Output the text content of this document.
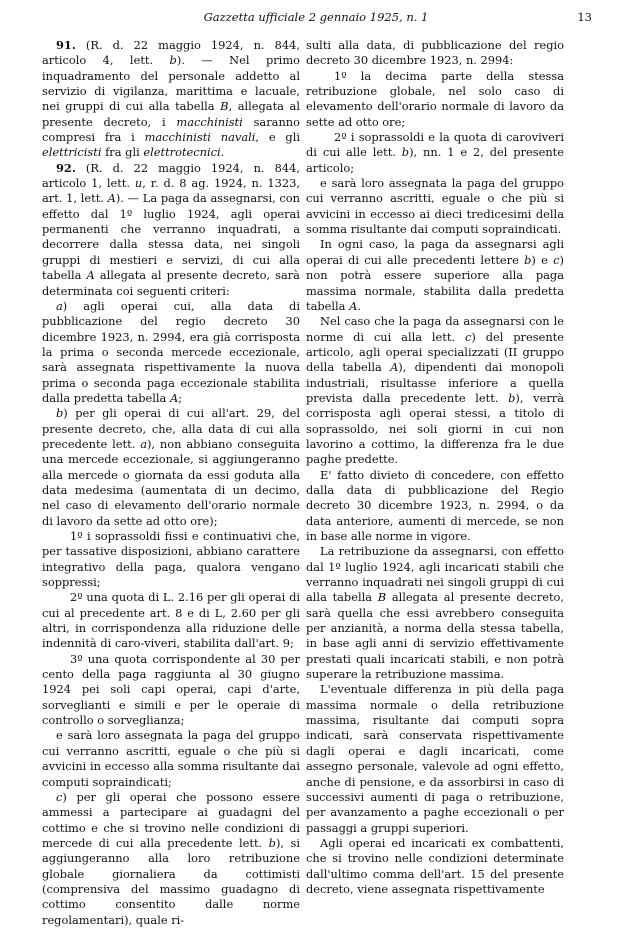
Gazzetta ufficiale 2 gennaio 1925, n. 1	13

91. (R. d. 22 maggio 1924, n. 844, articolo 4, lett. b). — Nel primo inquadramento del personale addetto al servizio di vigilanza, marittima e lacuale, nei gruppi di cui alla tabella B, allegata al presente decreto, i macchinisti saranno compresi fra i macchinisti navali, e gli elettricisti fra gli elettrotecnici.

92. (R. d. 22 maggio 1924, n. 844, articolo 1, lett. u, r. d. 8 ag. 1924, n. 1323, art. 1, lett. A). — La paga da assegnarsi, con effetto dal 1º luglio 1924, agli operai permanenti che verranno inquadrati, a decorrere dalla stessa data, nei singoli gruppi di mestieri e servizi, di cui alla tabella A allegata al presente decreto, sarà determinata coi seguenti criteri:

a) agli operai cui, alla data di pubblicazione del regio decreto 30 dicembre 1923, n. 2994, era già corrisposta la prima o seconda mercede eccezionale, sarà assegnata rispettivamente la nuova prima o seconda paga eccezionale stabilita dalla predetta tabella A;

b) per gli operai di cui all'art. 29, del presente decreto, che, alla data di cui alla precedente lett. a), non abbiano conseguita una mercede eccezionale, si aggiungeranno alla mercede o giornata da essi goduta alla data medesima (aumentata di un decimo, nel caso di elevamento dell'orario normale di lavoro da sette ad otto ore);

1º i soprassoldi fissi e continuativi che, per tassative disposizioni, abbiano carattere integrativo della paga, qualora vengano soppressi;

2º una quota di L. 2.16 per gli operai di cui al precedente art. 8 e di L, 2.60 per gli altri, in corrispondenza alla riduzione delle indennità di caro-viveri, stabilita dall'art. 9;

3º una quota corrispondente al 30 per cento della paga raggiunta al 30 giugno 1924 pei soli capi operai, capi d'arte, sorveglianti e simili e per le operaie di controllo o sorveglianza;

e sarà loro assegnata la paga del gruppo cui verranno ascritti, eguale o che più si avvicini in eccesso alla somma risultante dai computi sopraindicati;

c) per gli operai che possono essere ammessi a partecipare ai guadagni del cottimo e che si trovino nelle condizioni di mercede di cui alla precedente lett. b), si aggiungeranno alla loro retribuzione globale giornaliera da cottimisti (comprensiva del massimo guadagno di cottimo consentito dalle norme regolamentari), quale ri-

sulti alla data, di pubblicazione del regio decreto 30 dicembre 1923, n. 2994:

1º la decima parte della stessa retribuzione globale, nel solo caso di elevamento dell'orario normale di lavoro da sette ad otto ore;

2º i soprassoldi e la quota di caroviveri di cui alle lett. b), nn. 1 e 2, del presente articolo;

e sarà loro assegnata la paga del gruppo cui verranno ascritti, eguale o che più si avvicini in eccesso ai dieci tredicesimi della somma risultante dai computi sopraindicati.

In ogni caso, la paga da assegnarsi agli operai di cui alle precedenti lettere b) e c) non potrà essere superiore alla paga massima normale, stabilita dalla predetta tabella A.

Nel caso che la paga da assegnarsi con le norme di cui alla lett. c) del presente articolo, agli operai specializzati (II gruppo della tabella A), dipendenti dai monopoli industriali, risultasse inferiore a quella prevista dalla precedente lett. b), verrà corrisposta agli operai stessi, a titolo di soprassoldo, nei soli giorni in cui non lavorino a cottimo, la differenza fra le due paghe predette.

E' fatto divieto di concedere, con effetto dalla data di pubblicazione del Regio decreto 30 dicembre 1923, n. 2994, o da data anteriore, aumenti di mercede, se non in base alle norme in vigore.

La retribuzione da assegnarsi, con effetto dal 1º luglio 1924, agli incaricati stabili che verranno inquadrati nei singoli gruppi di cui alla tabella B allegata al presente decreto, sarà quella che essi avrebbero conseguita per anzianità, a norma della stessa tabella, in base agli anni di servizio effettivamente prestati quali incaricati stabili, e non potrà superare la retribuzione massima.

L'eventuale differenza in più della paga massima normale o della retribuzione massima, risultante dai computi sopra indicati, sarà conservata rispettivamente dagli operai e dagli incaricati, come assegno personale, valevole ad ogni effetto, anche di pensione, e da assorbirsi in caso di successivi aumenti di paga o retribuzione, per avanzamento a paghe eccezionali o per passaggi a gruppi superiori.

Agli operai ed incaricati ex combattenti, che si trovino nelle condizioni determinate dall'ultimo comma dell'art. 15 del presente decreto, viene assegnata rispettivamente
